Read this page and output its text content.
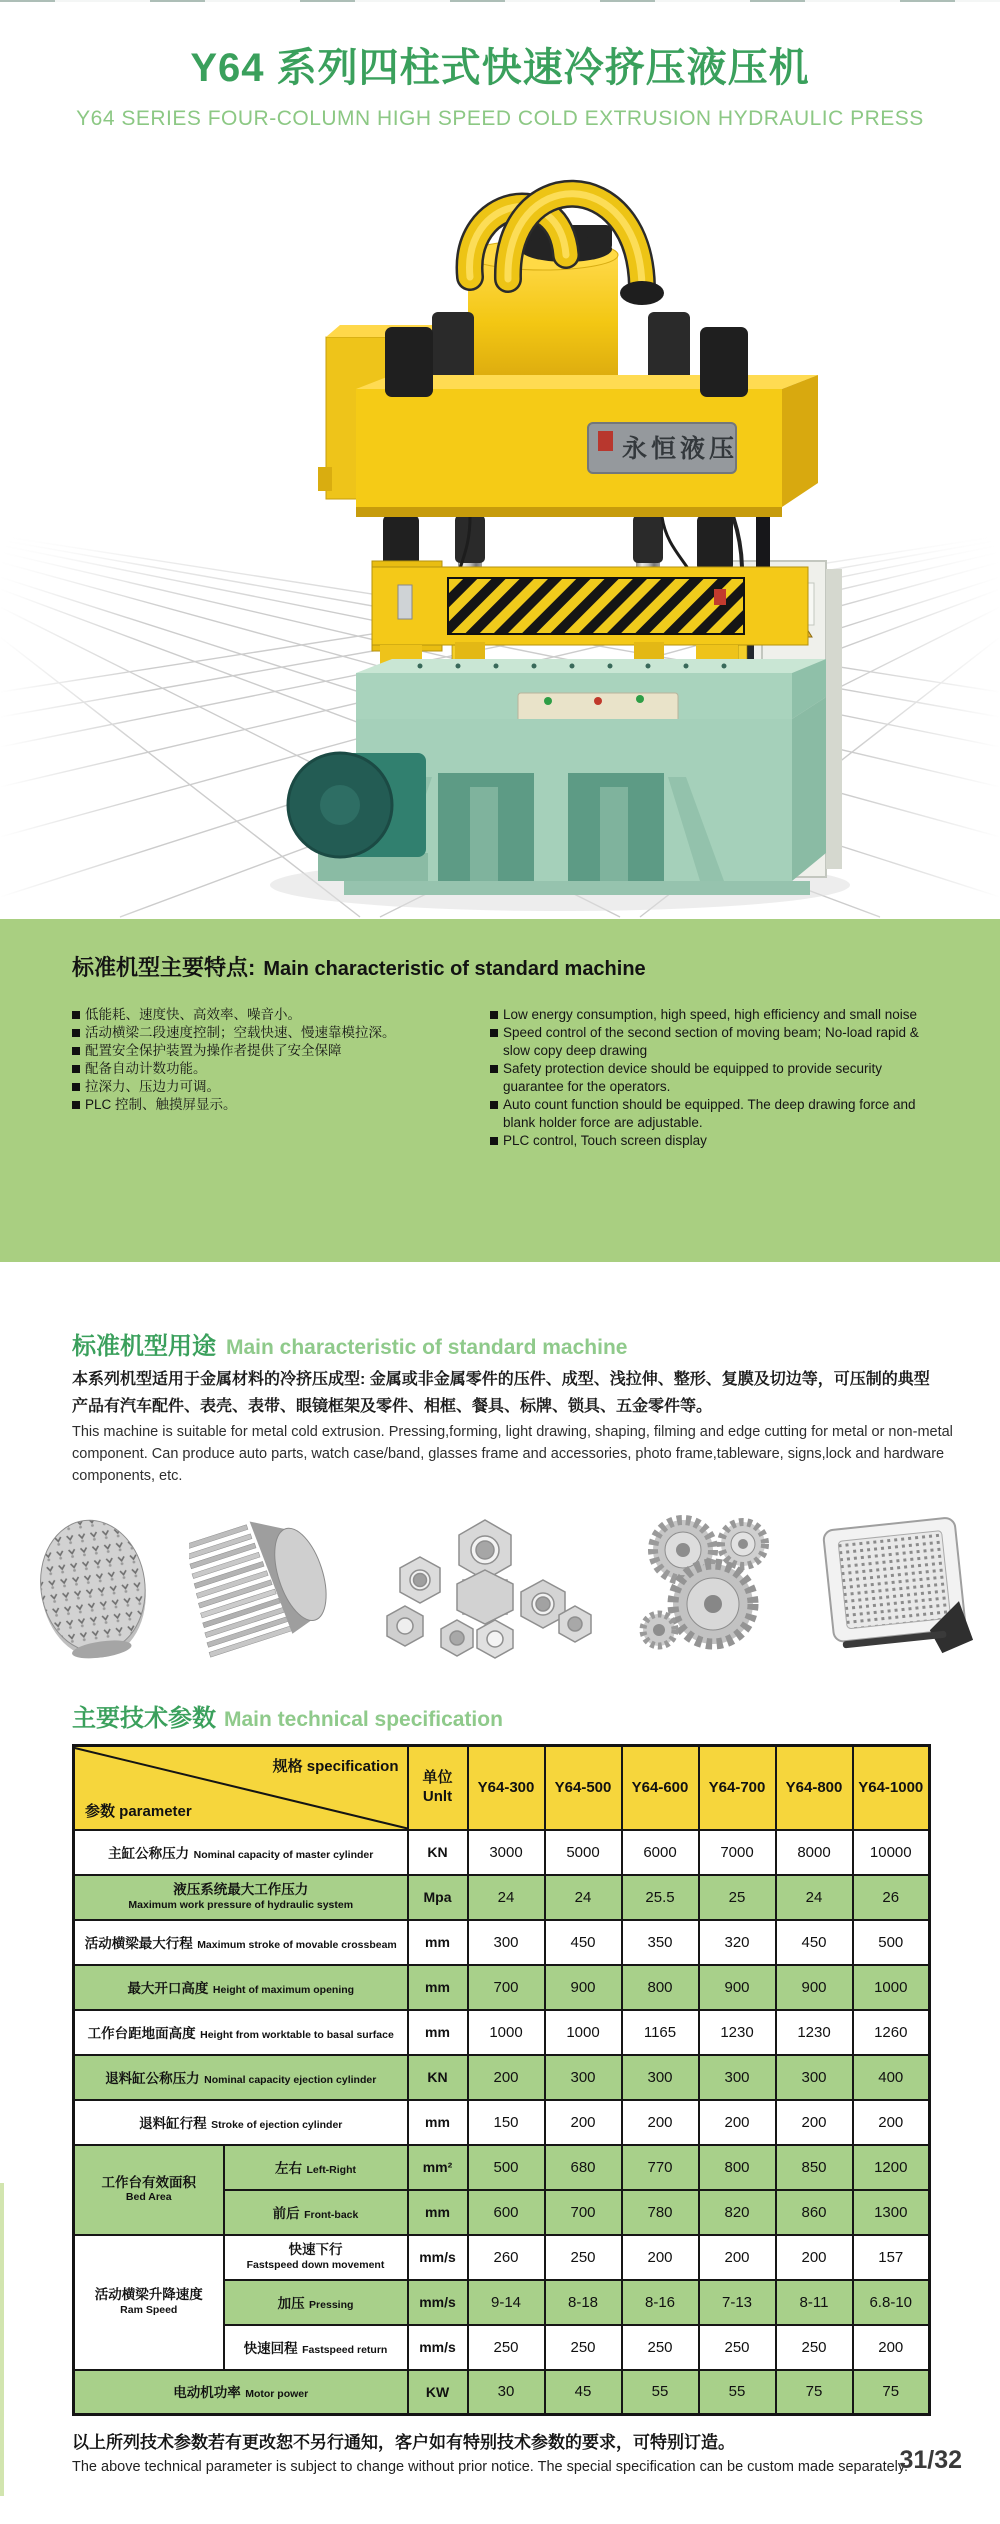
Y64 系列四柱式快速冷挤压液压机
Y64 SERIES FOUR-COLUMN HIGH SPEED COLD EXTRUSION HYDRAULIC PRESS
永恒液压
标准机型主要特点: Main characteristic of standard machine
低能耗、速度快、高效率、噪音小。
活动横梁二段速度控制；空载快速、慢速靠模拉深。
配置安全保护装置为操作者提供了安全保障
配备自动计数功能。
拉深力、压边力可调。
PLC 控制、触摸屏显示。
Low energy consumption, high speed, high efficiency and small noise
Speed control of the second section of moving beam; No-load rapid & slow copy deep drawing
Safety protection device should be equipped to provide security guarantee for the operators.
Auto count function should be equipped. The deep drawing force and blank holder force are adjustable.
PLC control, Touch screen display
标准机型用途 Main characteristic of standard machine
本系列机型适用于金属材料的冷挤压成型: 金属或非金属零件的压件、成型、浅拉伸、整形、复膜及切边等，可压制的典型产品有汽车配件、表壳、表带、眼镜框架及零件、相框、餐具、标牌、锁具、五金零件等。
This machine is suitable for metal cold extrusion. Pressing,forming, light drawing, shaping, filming and edge cutting for metal or non-metal component. Can produce auto parts, watch case/band, glasses frame and accessories, photo frame,tableware, signs,lock and hardware components, etc.
主要技术参数 Main technical specification
规格 specification
参数 parameter

单位
Unlt	Y64-300	Y64-500	Y64-600	Y64-700	Y64-800	Y64-1000
主缸公称压力 Nominal capacity of master cylinder		KN	3000	5000	6000	7000	8000	10000

液压系统最大工作压力
Maximum work pressure of hydraulic system		Mpa	24	24	25.5	25	24	26
活动横梁最大行程 Maximum stroke of movable crossbeam		mm	300	450	350	320	450	500
最大开口高度 Height of maximum opening		mm	700	900	800	900	900	1000
工作台距地面高度 Height from worktable to basal surface		mm	1000	1000	1165	1230	1230	1260
退料缸公称压力 Nominal capacity ejection cylinder		KN	200	300	300	300	300	400
退料缸行程 Stroke of ejection cylinder		mm	150	200	200	200	200	200

工作台有效面积
Bed Area	左右 Left-Right	mm²	500	680	770	800	850	1200
	前后 Front-back	mm	600	700	780	820	860	1300

活动横梁升降速度
Ram Speed	快速下行
Fastspeed down movement	mm/s	260	250	200	200	200	157
	加压 Pressing	mm/s	9-14	8-18	8-16	7-13	8-11	6.8-10
	快速回程 Fastspeed return	mm/s	250	250	250	250	250	200
电动机功率 Motor power		KW	30	45	55	55	75	75
以上所列技术参数若有更改恕不另行通知，客户如有特别技术参数的要求，可特别订造。
The above technical parameter is subject to change without prior notice. The special specification can be custom made separately.
31/32
